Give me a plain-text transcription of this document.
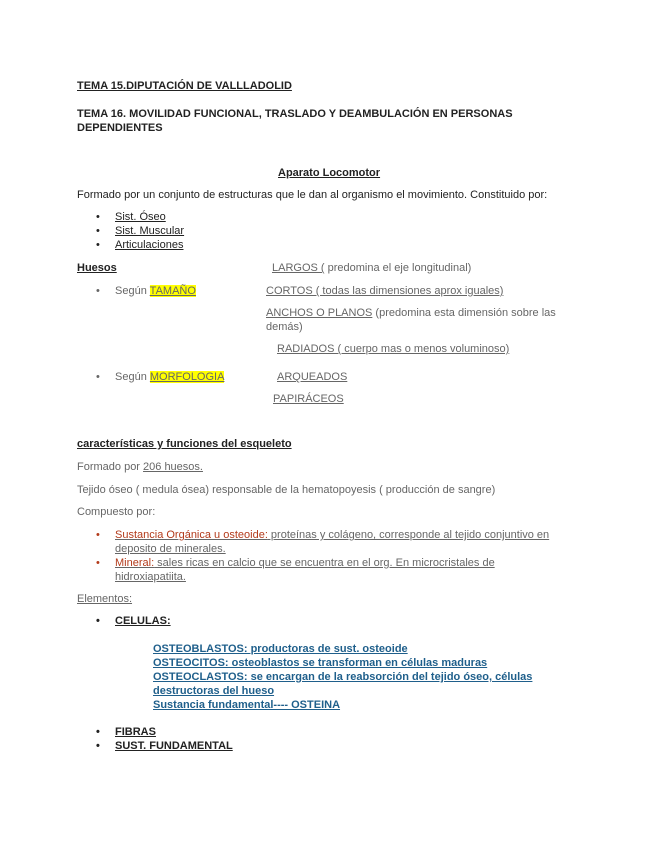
TEMA 15.DIPUTACIÓN DE VALLLADOLID
TEMA 16. MOVILIDAD FUNCIONAL, TRASLADO Y DEAMBULACIÓN EN PERSONAS
DEPENDIENTES
Aparato Locomotor
Formado por un conjunto de estructuras que le dan al organismo el movimiento. Constituido por:
• Sist. Óseo
• Sist. Muscular
• Articulaciones
Huesos	LARGOS ( predomina el eje longitudinal)
• Según TAMAÑO	CORTOS ( todas las dimensiones aprox iguales)
ANCHOS O PLANOS (predomina esta dimensión sobre las
demás)
RADIADOS ( cuerpo mas o menos voluminoso)
• Según MORFOLOGIA	ARQUEADOS
PAPIRÁCEOS
características y funciones del esqueleto
Formado por 206 huesos.
Tejido óseo ( medula ósea) responsable de la hematopoyesis ( producción de sangre)
Compuesto por:
• Sustancia Orgánica u osteoide: proteínas y colágeno, corresponde al tejido conjuntivo en
deposito de minerales.
• Mineral: sales ricas en calcio que se encuentra en el org. En microcristales de
hidroxiapatiita.
Elementos:
• CELULAS:
OSTEOBLASTOS: productoras de sust. osteoide
OSTEOCITOS: osteoblastos se transforman en células maduras
OSTEOCLASTOS: se encargan de la reabsorción del tejido óseo, células
destructoras del hueso
Sustancia fundamental---- OSTEINA
• FIBRAS
• SUST. FUNDAMENTAL
